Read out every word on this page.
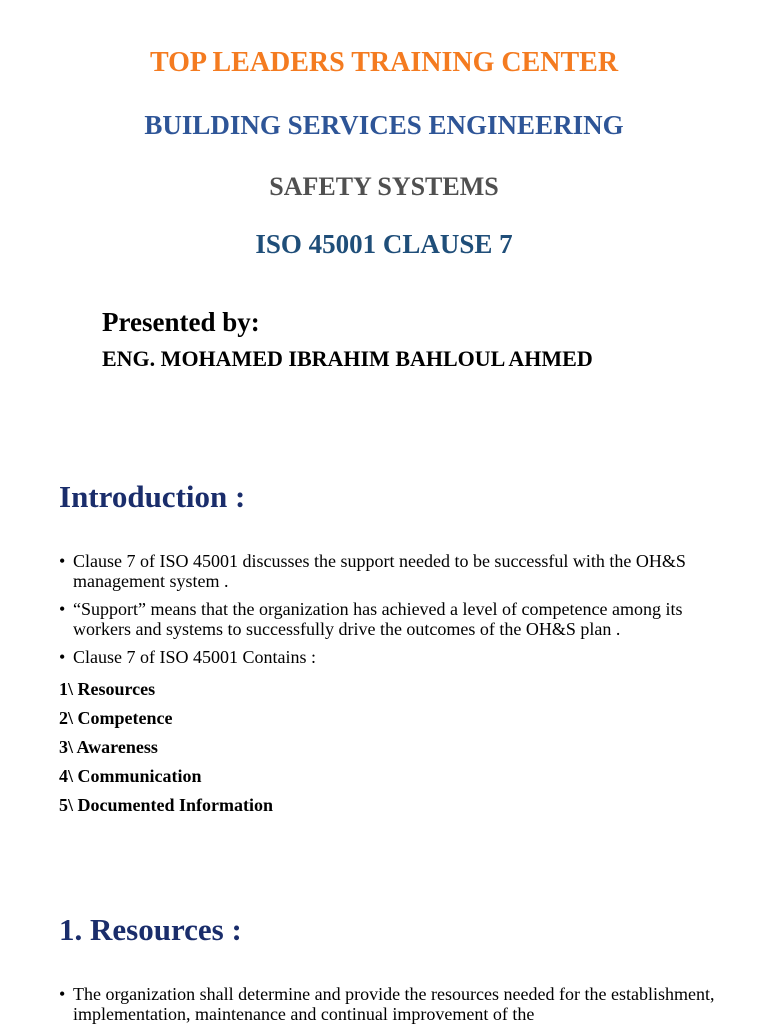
TOP LEADERS TRAINING CENTER
BUILDING SERVICES ENGINEERING
SAFETY SYSTEMS
ISO 45001 CLAUSE 7
Presented by:
ENG. MOHAMED IBRAHIM BAHLOUL AHMED
Introduction :
• Clause 7 of ISO 45001 discusses the support needed to be successful with the OH&S management system .
• “Support” means that the organization has achieved a level of competence among its workers and systems to successfully drive the outcomes of the OH&S plan .
• Clause 7 of ISO 45001 Contains :
1\ Resources
2\ Competence
3\ Awareness
4\ Communication
5\ Documented Information
1. Resources :
• The organization shall determine and provide the resources needed for the establishment, implementation, maintenance and continual improvement of the
